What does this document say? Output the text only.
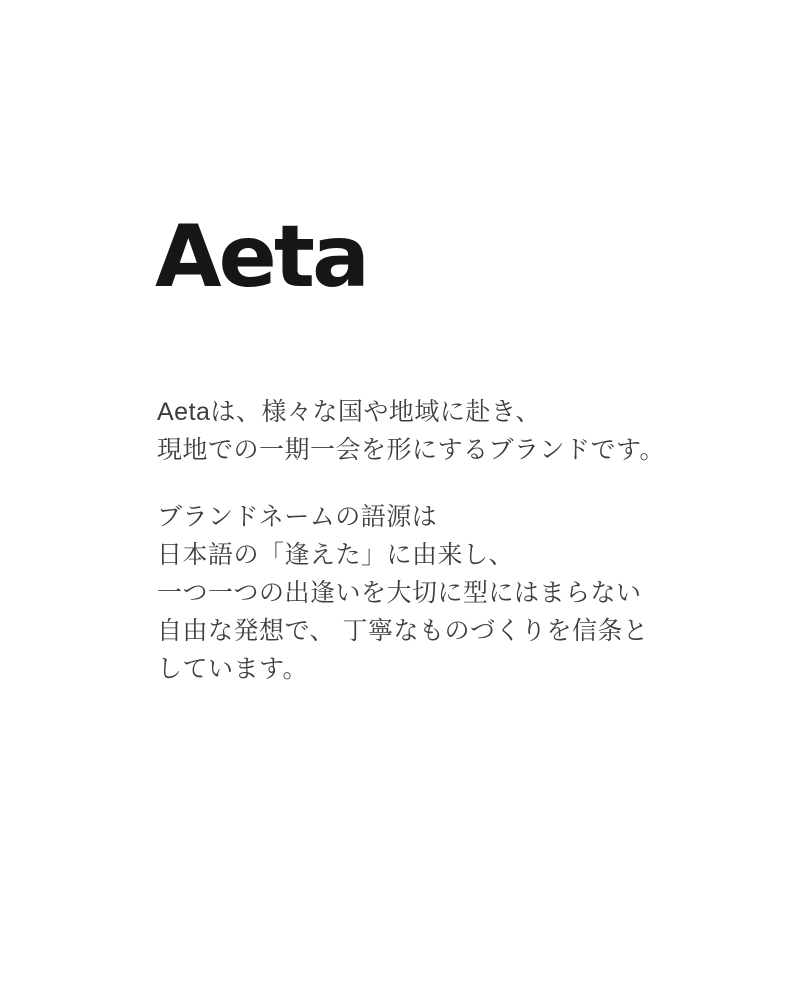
Aeta

Aetaは、様々な国や地域に赴き、
現地での一期一会を形にするブランドです。

ブランドネームの語源は
日本語の「逢えた」に由来し、
一つ一つの出逢いを大切に型にはまらない
自由な発想で、 丁寧なものづくりを信条と
しています。
